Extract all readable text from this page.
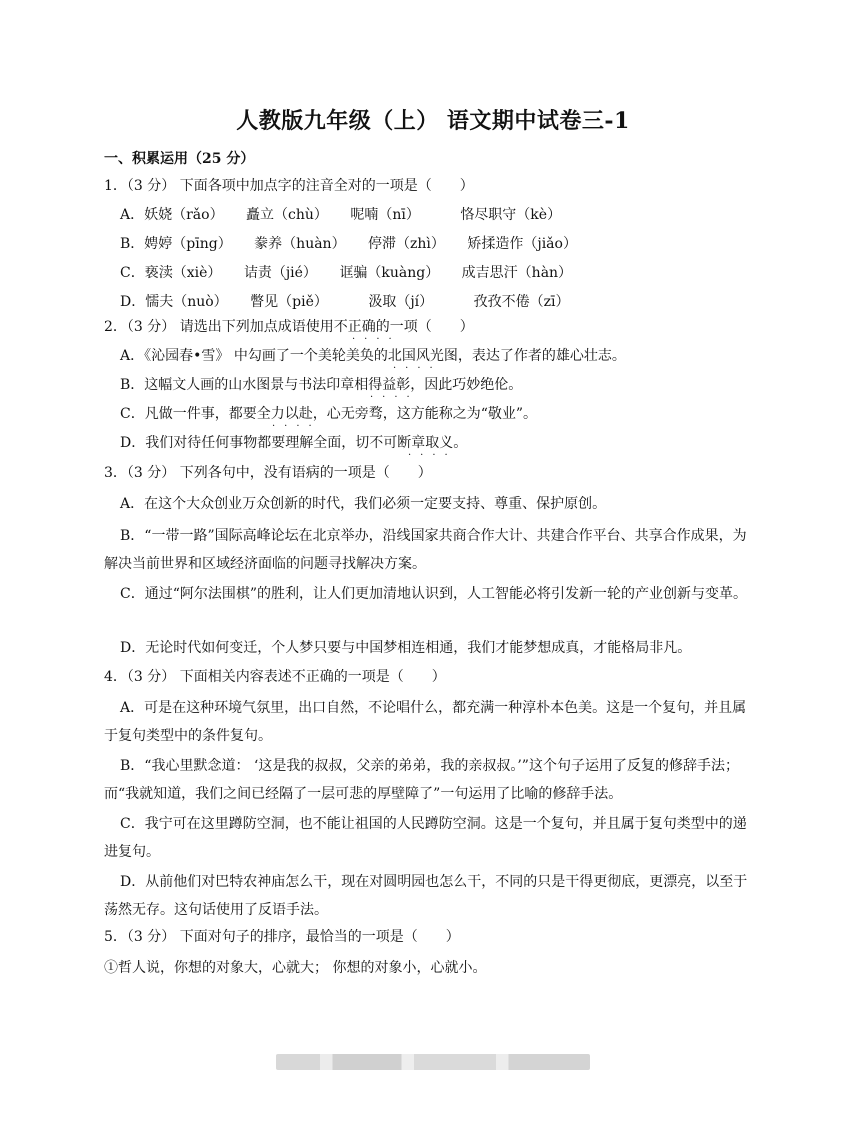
人教版九年级（上） 语文期中试卷三-1
一、积累运用（25 分）
1．（3 分） 下面各项中加点字的注音全对的一项是（　　）
A．妖娆（rǎo） 矗立（chù） 呢喃（nī）	恪尽职守（kè）
B．娉婷（pīng） 豢养（huàn） 停滞（zhì） 矫揉造作（jiǎo）
C．亵渎（xiè） 诘责（jié） 诓骗（kuàng） 成吉思汗（hàn）
D．懦夫（nuò） 瞥见（piě）	汲取（jí）	孜孜不倦（zī）
2．（3 分） 请选出下列加点成语使用不正确的一项（　　）
····
A．《沁园春•雪》 中勾画了一个美轮美奂的北国风光图，表达了作者的雄心壮志。
····
B．这幅文人画的山水图景与书法印章相得益彰，因此巧妙绝伦。
····
C．凡做一件事，都要全力以赴，心无旁骛，这方能称之为“敬业”。
····
D．我们对待任何事物都要理解全面，切不可断章取义。
····
3．（3 分） 下列各句中，没有语病的一项是（　　）
A．在这个大众创业万众创新的时代，我们必须一定要支持、尊重、保护原创。
B．“一带一路”国际高峰论坛在北京举办，沿线国家共商合作大计、共建合作平台、共享合作成果，为解决当前世界和区域经济面临的问题寻找解决方案。
C．通过“阿尔法围棋”的胜利，让人们更加清地认识到，人工智能必将引发新一轮的产业创新与变革。
D．无论时代如何变迁，个人梦只要与中国梦相连相通，我们才能梦想成真，才能格局非凡。
4．（3 分） 下面相关内容表述不正确的一项是（　　）
A．可是在这种环境气氛里，出口自然，不论唱什么，都充满一种淳朴本色美。这是一个复句，并且属于复句类型中的条件复句。
B．“我心里默念道： ‘这是我的叔叔，父亲的弟弟，我的亲叔叔。’”这个句子运用了反复的修辞手法； 而“我就知道，我们之间已经隔了一层可悲的厚壁障了”一句运用了比喻的修辞手法。
C．我宁可在这里蹲防空洞，也不能让祖国的人民蹲防空洞。这是一个复句，并且属于复句类型中的递进复句。
D．从前他们对巴特农神庙怎么干，现在对圆明园也怎么干，不同的只是干得更彻底，更漂亮，以至于荡然无存。这句话使用了反语手法。
5．（3 分） 下面对句子的排序，最恰当的一项是（　　）
①哲人说，你想的对象大，心就大； 你想的对象小，心就小。
